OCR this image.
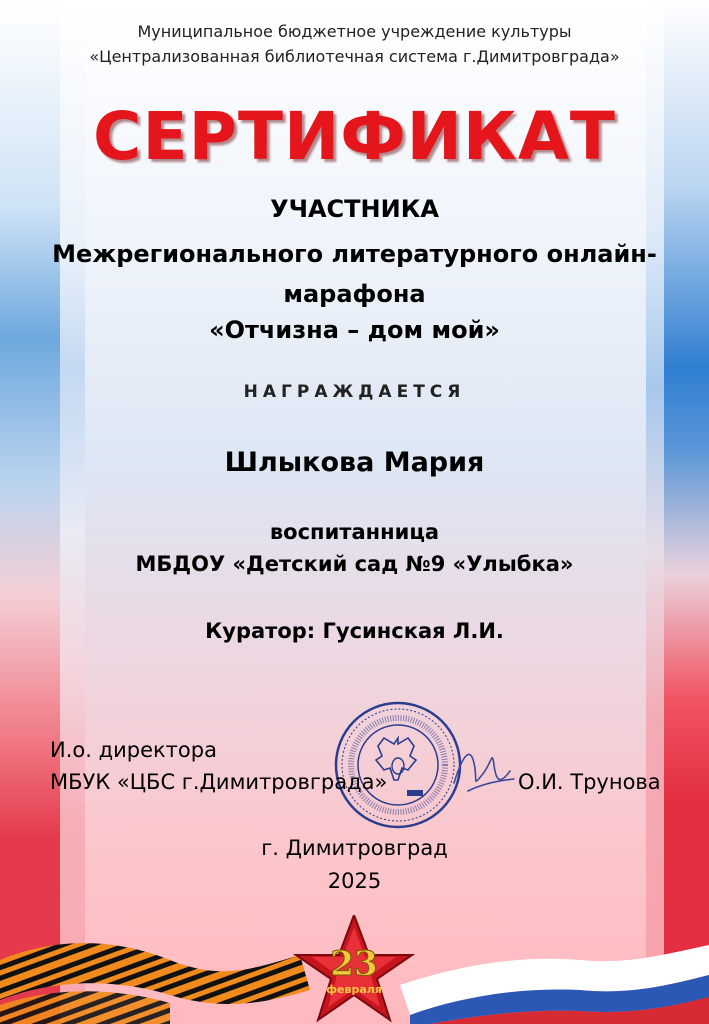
Муниципальное бюджетное учреждение культуры

«Централизованная библиотечная система г.Димитровграда»

СЕРТИФИКАТ

УЧАСТНИКА

Межрегионального литературного онлайн-

марафона

«Отчизна – дом мой»

НАГРАЖДАЕТСЯ

Шлыкова Мария

воспитанница

МБДОУ «Детский сад №9 «Улыбка»

Куратор: Гусинская Л.И.

И.о. директора

МБУК «ЦБС г.Димитровграда»	О.И. Трунова

г. Димитровград

2025

23
февраля
